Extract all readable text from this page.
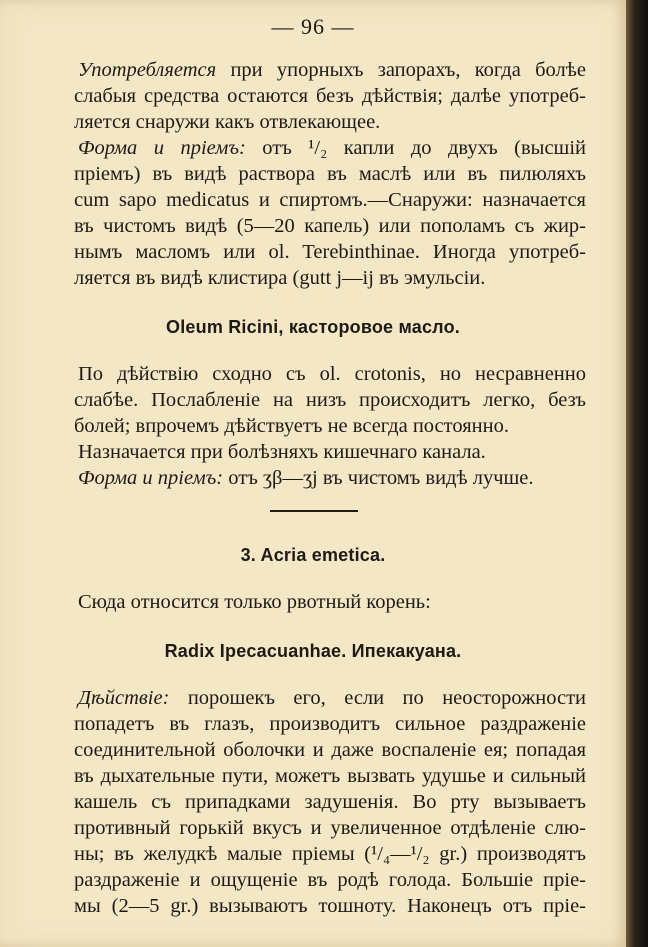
— 96 —
Употребляется при упорныхъ запорахъ, когда болѣе
слабыя средства остаются безъ дѣйствія; далѣе употреб-
ляется снаружи какъ отвлекающее.
Форма и пріемъ: отъ ¹/₂ капли до двухъ (высшій
пріемъ) въ видѣ раствора въ маслѣ или въ пилюляхъ
cum sapo medicatus и спиртомъ.—Снаружи: назначается
въ чистомъ видѣ (5—20 капель) или пополамъ съ жир-
нымъ масломъ или ol. Terebinthinae. Иногда употреб-
ляется въ видѣ клистира (gutt j—ij въ эмульсіи.
Oleum Ricini, касторовое масло.
По дѣйствію сходно съ ol. crotonis, но несравненно
слабѣе. Послабленіе на низъ происходитъ легко, безъ
болей; впрочемъ дѣйствуетъ не всегда постоянно.
Назначается при болѣзняхъ кишечнаго канала.
Форма и пріемъ: отъ ʒβ—ʒj въ чистомъ видѣ лучше.
3. Acria emetica.
Сюда относится только рвотный корень:
Radix Ipecacuanhae. Ипекакуана.
Дѣйствіе: порошекъ его, если по неосторожности
попадетъ въ глазъ, производитъ сильное раздраженіе
соединительной оболочки и даже воспаленіе ея; попадая
въ дыхательные пути, можетъ вызвать удушье и сильный
кашель съ припадками задушенія. Во рту вызываетъ
противный горькій вкусъ и увеличенное отдѣленіе слю-
ны; въ желудкѣ малые пріемы (¹/₄—¹/₂ gr.) производятъ
раздраженіе и ощущеніе въ родѣ голода. Большіе пріе-
мы (2—5 gr.) вызываютъ тошноту. Наконецъ отъ пріе-
